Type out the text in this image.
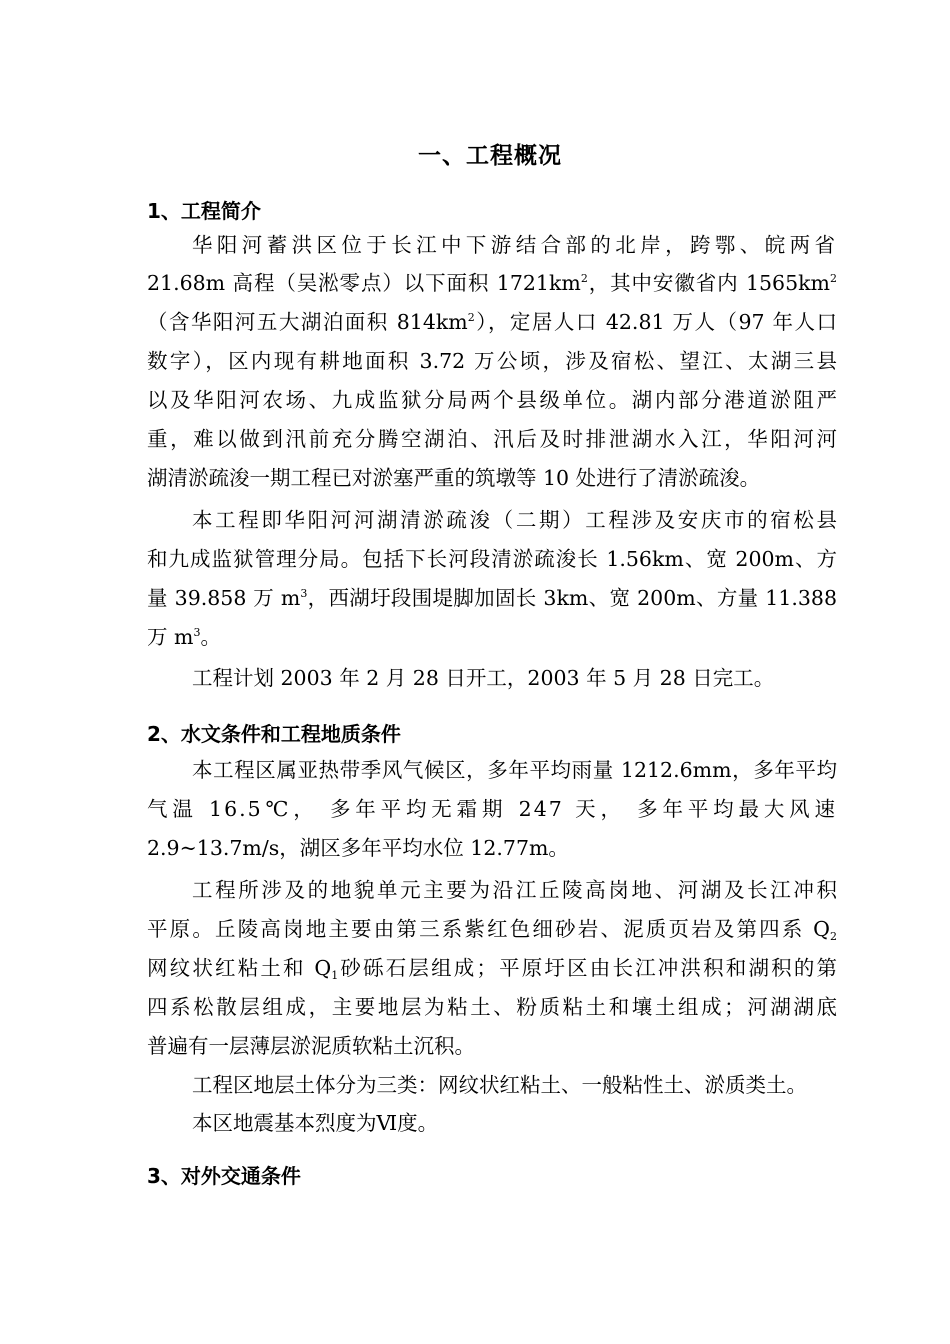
一、工程概况
1、工程简介
华阳河蓄洪区位于长江中下游结合部的北岸，跨鄂、皖两省
21.68m 高程（吴淞零点）以下面积 $1721km^2$，其中安徽省内 $1565km^2$
（含华阳河五大湖泊面积 $814km^2$），定居人口 42.81 万人（97 年人口
数字），区内现有耕地面积 3.72 万公顷，涉及宿松、望江、太湖三县
以及华阳河农场、九成监狱分局两个县级单位。湖内部分港道淤阻严
重，难以做到汛前充分腾空湖泊、汛后及时排泄湖水入江，华阳河河
湖清淤疏浚一期工程已对淤塞严重的筑墩等 10 处进行了清淤疏浚。
本工程即华阳河河湖清淤疏浚（二期）工程涉及安庆市的宿松县
和九成监狱管理分局。包括下长河段清淤疏浚长 1.56km、宽 200m、方
量 39.858 万 $m^3$，西湖圩段围堤脚加固长 3km、宽 200m、方量 11.388
万 $m^3$。
工程计划 2003 年 2 月 28 日开工，2003 年 5 月 28 日完工。
2、水文条件和工程地质条件
本工程区属亚热带季风气候区，多年平均雨量 1212.6mm，多年平均
气温 16.5℃， 多年平均无霜期 247 天， 多年平均最大风速
2.9~13.7m/s，湖区多年平均水位 12.77m。
工程所涉及的地貌单元主要为沿江丘陵高岗地、河湖及长江冲积
平原。丘陵高岗地主要由第三系紫红色细砂岩、泥质页岩及第四系 $Q_2$
网纹状红粘土和 $Q_1$砂砾石层组成；平原圩区由长江冲洪积和湖积的第
四系松散层组成，主要地层为粘土、粉质粘土和壤土组成；河湖湖底
普遍有一层薄层淤泥质软粘土沉积。
工程区地层土体分为三类：网纹状红粘土、一般粘性土、淤质类土。
本区地震基本烈度为Ⅵ度。
3、对外交通条件
